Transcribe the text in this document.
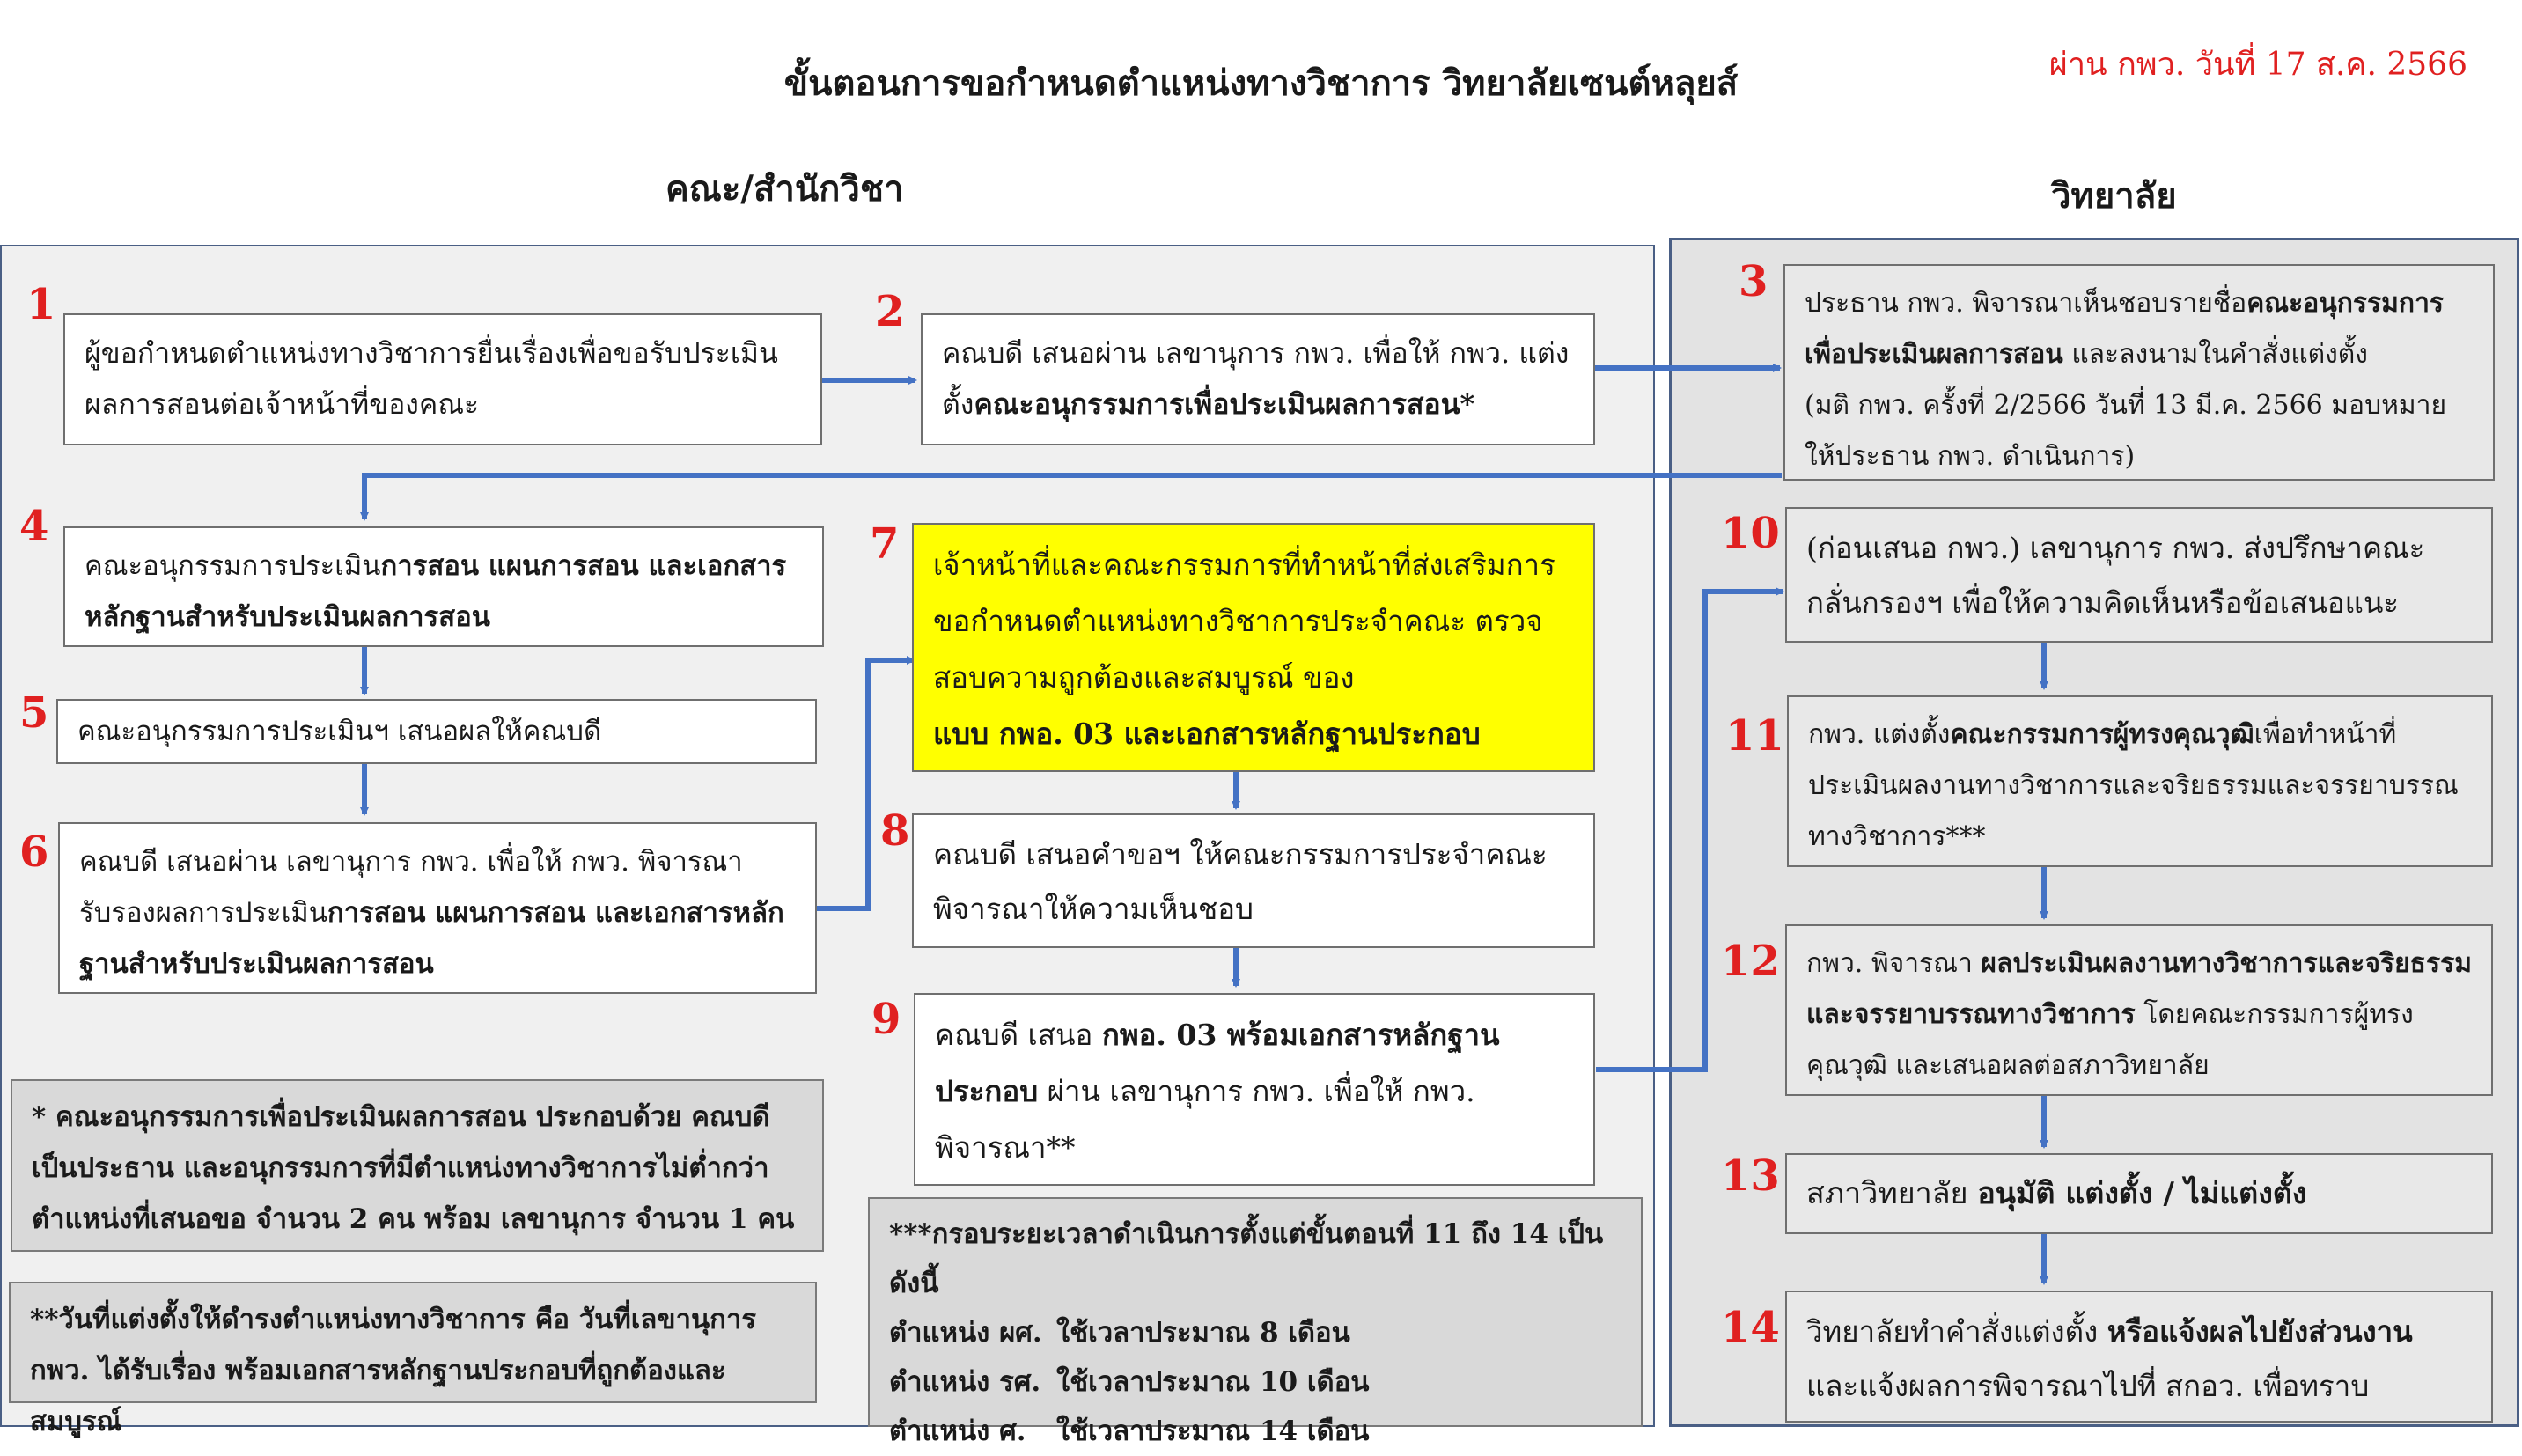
ขั้นตอนการขอกำหนดตำแหน่งทางวิชาการ วิทยาลัยเซนต์หลุยส์	ผ่าน กพว. วันที่ 17 ส.ค. 2566
คณะ/สำนักวิชา	วิทยาลัย
1	2
3
4
5
6
7
8
9
10
11
12
13
14
ผู้ขอกำหนดตำแหน่งทางวิชาการยื่นเรื่องเพื่อขอรับประเมินผลการสอนต่อเจ้าหน้าที่ของคณะ
คณบดี เสนอผ่าน เลขานุการ กพว. เพื่อให้ กพว. แต่งตั้งคณะอนุกรรมการเพื่อประเมินผลการสอน*
คณะอนุกรรมการประเมินการสอน แผนการสอน และเอกสารหลักฐานสำหรับประเมินผลการสอน
คณะอนุกรรมการประเมินฯ เสนอผลให้คณบดี
คณบดี เสนอผ่าน เลขานุการ กพว. เพื่อให้ กพว. พิจารณารับรองผลการประเมินการสอน แผนการสอน และเอกสารหลักฐานสำหรับประเมินผลการสอน
เจ้าหน้าที่และคณะกรรมการที่ทำหน้าที่ส่งเสริมการขอกำหนดตำแหน่งทางวิชาการประจำคณะ ตรวจสอบความถูกต้องและสมบูรณ์ ของ
แบบ กพอ. 03 และเอกสารหลักฐานประกอบ
คณบดี เสนอคำขอฯ ให้คณะกรรมการประจำคณะพิจารณาให้ความเห็นชอบ
คณบดี เสนอ กพอ. 03 พร้อมเอกสารหลักฐานประกอบ ผ่าน เลขานุการ กพว. เพื่อให้ กพว. พิจารณา**
* คณะอนุกรรมการเพื่อประเมินผลการสอน ประกอบด้วย คณบดี เป็นประธาน และอนุกรรมการที่มีตำแหน่งทางวิชาการไม่ต่ำกว่าตำแหน่งที่เสนอขอ จำนวน 2 คน พร้อม เลขานุการ จำนวน 1 คน
**วันที่แต่งตั้งให้ดำรงตำแหน่งทางวิชาการ คือ วันที่เลขานุการ กพว. ได้รับเรื่อง พร้อมเอกสารหลักฐานประกอบที่ถูกต้องและสมบูรณ์
***กรอบระยะเวลาดำเนินการตั้งแต่ขั้นตอนที่ 11 ถึง 14 เป็นดังนี้
ตำแหน่ง ผศ. ใช้เวลาประมาณ 8 เดือน
ตำแหน่ง รศ. ใช้เวลาประมาณ 10 เดือน
ตำแหน่ง ศ. ใช้เวลาประมาณ 14 เดือน
ประธาน กพว. พิจารณาเห็นชอบรายชื่อคณะอนุกรรมการเพื่อประเมินผลการสอน และลงนามในคำสั่งแต่งตั้ง
(มติ กพว. ครั้งที่ 2/2566 วันที่ 13 มี.ค. 2566 มอบหมายให้ประธาน กพว. ดำเนินการ)
(ก่อนเสนอ กพว.) เลขานุการ กพว. ส่งปรึกษาคณะกลั่นกรองฯ เพื่อให้ความคิดเห็นหรือข้อเสนอแนะ
กพว. แต่งตั้งคณะกรรมการผู้ทรงคุณวุฒิเพื่อทำหน้าที่ประเมินผลงานทางวิชาการและจริยธรรมและจรรยาบรรณทางวิชาการ***
กพว. พิจารณา ผลประเมินผลงานทางวิชาการและจริยธรรมและจรรยาบรรณทางวิชาการ โดยคณะกรรมการผู้ทรงคุณวุฒิ และเสนอผลต่อสภาวิทยาลัย
สภาวิทยาลัย อนุมัติ แต่งตั้ง / ไม่แต่งตั้ง
วิทยาลัยทำคำสั่งแต่งตั้ง หรือแจ้งผลไปยังส่วนงาน
และแจ้งผลการพิจารณาไปที่ สกอว. เพื่อทราบ
